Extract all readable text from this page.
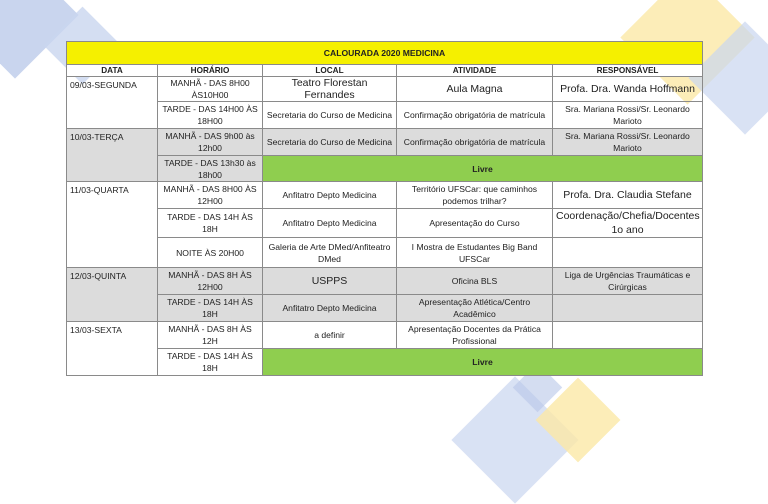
CALOURADA 2020 MEDICINA				
DATA	HORÁRIO	LOCAL	ATIVIDADE	RESPONSÁVEL
09/03-SEGUNDA	MANHÃ - DAS 8H00 ÀS10H00	Teatro Florestan Fernandes	Aula Magna	Profa. Dra. Wanda Hoffmann
	TARDE - DAS 14H00 ÀS 18H00	Secretaria do Curso de Medicina	Confirmação obrigatória de matrícula	Sra. Mariana Rossi/Sr. Leonardo Marioto
10/03-TERÇA	MANHÃ - DAS 9h00 às 12h00	Secretaria do Curso de Medicina	Confirmação obrigatória de matrícula	Sra. Mariana Rossi/Sr. Leonardo Marioto
	TARDE - DAS 13h30 às 18h00	Livre		
11/03-QUARTA	MANHÃ - DAS 8H00 ÀS 12H00	Anfitatro Depto Medicina	Território UFSCar: que caminhos podemos trilhar?	Profa. Dra. Claudia Stefane
	TARDE - DAS 14H ÀS 18H	Anfitatro Depto Medicina	Apresentação do Curso	Coordenação/Chefia/Docentes 1o ano
	NOITE ÀS 20H00	Galeria de Arte DMed/Anfiteatro DMed	I Mostra de Estudantes Big Band UFSCar	
12/03-QUINTA	MANHÃ - DAS 8H ÀS 12H00	USPPS	Oficina BLS	Liga de Urgências Traumáticas e Cirúrgicas
	TARDE - DAS 14H ÀS 18H	Anfitatro Depto Medicina	Apresentação Atlética/Centro Acadêmico	
13/03-SEXTA	MANHÃ - DAS 8H ÀS 12H	a definir	Apresentação Docentes da Prática Profissional	
	TARDE - DAS 14H ÀS 18H	Livre		
